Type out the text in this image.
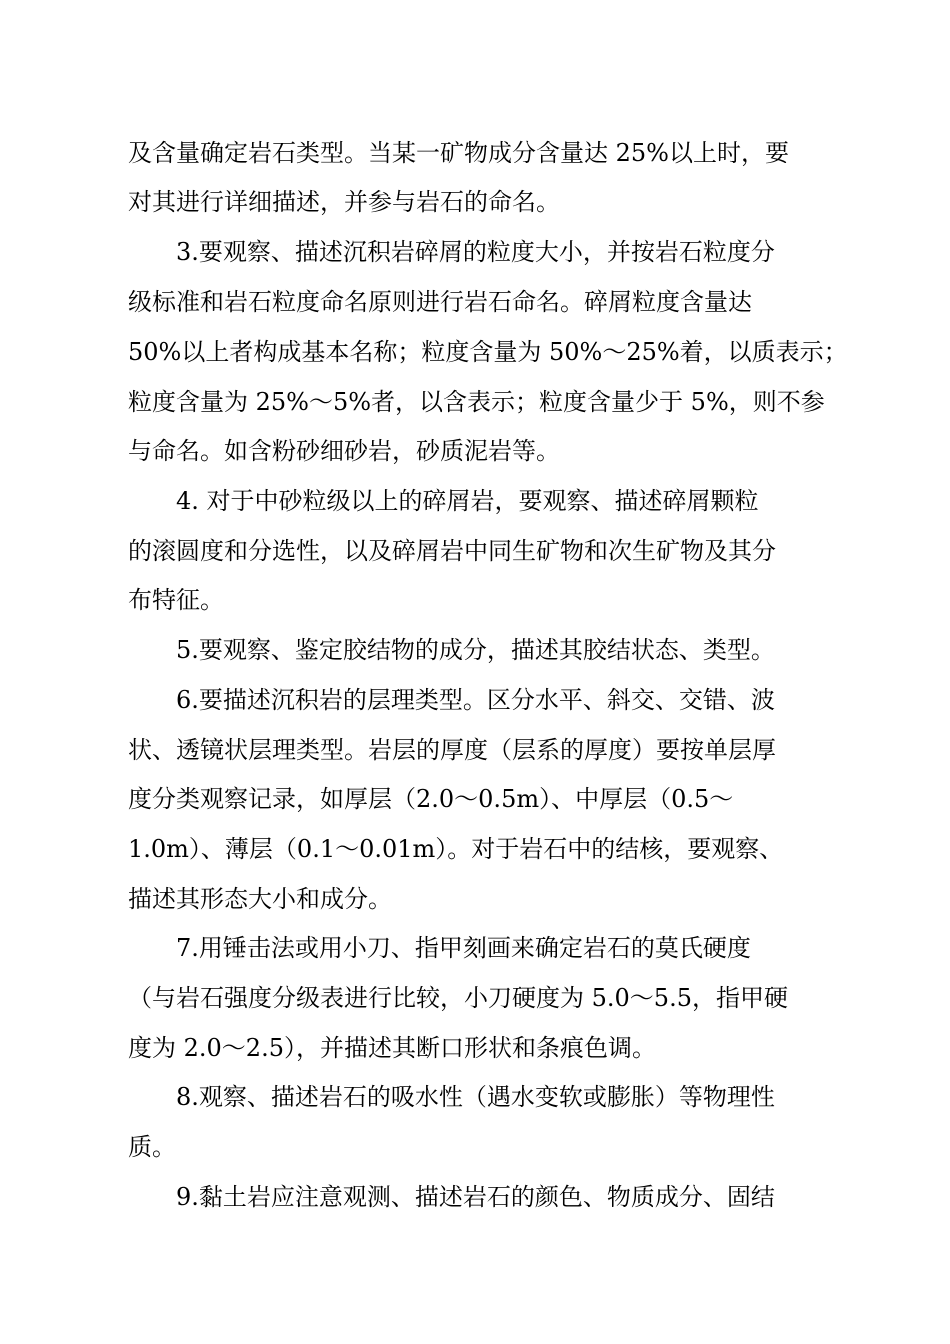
及含量确定岩石类型。当某一矿物成分含量达 25%以上时，要
对其进行详细描述，并参与岩石的命名。
3.要观察、描述沉积岩碎屑的粒度大小，并按岩石粒度分
级标准和岩石粒度命名原则进行岩石命名。碎屑粒度含量达
50%以上者构成基本名称；粒度含量为 50%～25%着，以质表示；
粒度含量为 25%～5%者，以含表示；粒度含量少于 5%，则不参
与命名。如含粉砂细砂岩，砂质泥岩等。
4. 对于中砂粒级以上的碎屑岩，要观察、描述碎屑颗粒
的滚圆度和分选性，以及碎屑岩中同生矿物和次生矿物及其分
布特征。
5.要观察、鉴定胶结物的成分，描述其胶结状态、类型。
6.要描述沉积岩的层理类型。区分水平、斜交、交错、波
状、透镜状层理类型。岩层的厚度（层系的厚度）要按单层厚
度分类观察记录，如厚层（2.0～0.5m）、中厚层（0.5～
1.0m）、薄层（0.1～0.01m）。对于岩石中的结核，要观察、
描述其形态大小和成分。
7.用锤击法或用小刀、指甲刻画来确定岩石的莫氏硬度
（与岩石强度分级表进行比较，小刀硬度为 5.0～5.5，指甲硬
度为 2.0～2.5），并描述其断口形状和条痕色调。
8.观察、描述岩石的吸水性（遇水变软或膨胀）等物理性
质。
9.黏土岩应注意观测、描述岩石的颜色、物质成分、固结
